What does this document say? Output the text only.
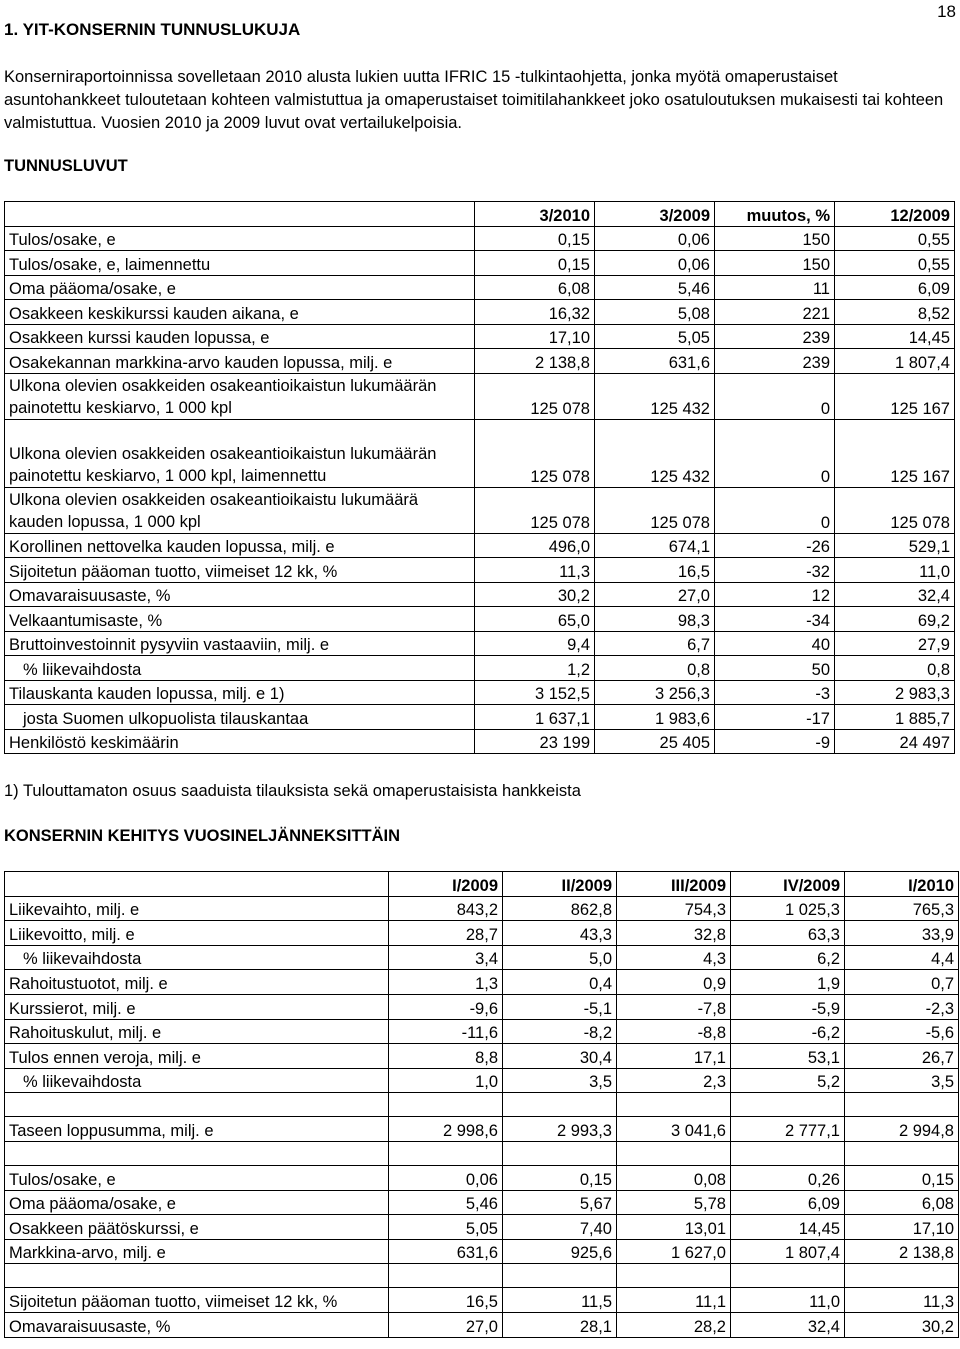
18
1. YIT-KONSERNIN TUNNUSLUKUJA

Konserniraportoinnissa sovelletaan 2010 alusta lukien uutta IFRIC 15 -tulkintaohjetta, jonka myötä omaperustaiset asuntohankkeet tuloutetaan kohteen valmistuttua ja omaperustaiset toimitilahankkeet joko osatuloutuksen mukaisesti tai kohteen valmistuttua. Vuosien 2010 ja 2009 luvut ovat vertailukelpoisia.

TUNNUSLUVUT
	3/2010	3/2009	muutos, %	12/2009
Tulos/osake, e	0,15	0,06	150	0,55
Tulos/osake, e, laimennettu	0,15	0,06	150	0,55
Oma pääoma/osake, e	6,08	5,46	11	6,09
Osakkeen keskikurssi kauden aikana, e	16,32	5,08	221	8,52
Osakkeen kurssi kauden lopussa, e	17,10	5,05	239	14,45
Osakekannan markkina-arvo kauden lopussa, milj. e	2 138,8	631,6	239	1 807,4
Ulkona olevien osakkeiden osakeantioikaistun lukumäärän painotettu keskiarvo, 1 000 kpl	125 078	125 432	0	125 167
Ulkona olevien osakkeiden osakeantioikaistun lukumäärän painotettu keskiarvo, 1 000 kpl, laimennettu	125 078	125 432	0	125 167
Ulkona olevien osakkeiden osakeantioikaistu lukumäärä kauden lopussa, 1 000 kpl	125 078	125 078	0	125 078
Korollinen nettovelka kauden lopussa, milj. e	496,0	674,1	-26	529,1
Sijoitetun pääoman tuotto, viimeiset 12 kk, %	11,3	16,5	-32	11,0
Omavaraisuusaste, %	30,2	27,0	12	32,4
Velkaantumisaste, %	65,0	98,3	-34	69,2
Bruttoinvestoinnit pysyviin vastaaviin, milj. e	9,4	6,7	40	27,9
% liikevaihdosta	1,2	0,8	50	0,8
Tilauskanta kauden lopussa, milj. e 1)	3 152,5	3 256,3	-3	2 983,3
josta Suomen ulkopuolista tilauskantaa	1 637,1	1 983,6	-17	1 885,7
Henkilöstö keskimäärin	23 199	25 405	-9	24 497

1) Tulouttamaton osuus saaduista tilauksista sekä omaperustaisista hankkeista

KONSERNIN KEHITYS VUOSINELJÄNNEKSITTÄIN
	I/2009	II/2009	III/2009	IV/2009	I/2010
Liikevaihto, milj. e	843,2	862,8	754,3	1 025,3	765,3
Liikevoitto, milj. e	28,7	43,3	32,8	63,3	33,9
% liikevaihdosta	3,4	5,0	4,3	6,2	4,4
Rahoitustuotot, milj. e	1,3	0,4	0,9	1,9	0,7
Kurssierot, milj. e	-9,6	-5,1	-7,8	-5,9	-2,3
Rahoituskulut, milj. e	-11,6	-8,2	-8,8	-6,2	-5,6
Tulos ennen veroja, milj. e	8,8	30,4	17,1	53,1	26,7
% liikevaihdosta	1,0	3,5	2,3	5,2	3,5

Taseen loppusumma, milj. e	2 998,6	2 993,3	3 041,6	2 777,1	2 994,8

Tulos/osake, e	0,06	0,15	0,08	0,26	0,15
Oma pääoma/osake, e	5,46	5,67	5,78	6,09	6,08
Osakkeen päätöskurssi, e	5,05	7,40	13,01	14,45	17,10
Markkina-arvo, milj. e	631,6	925,6	1 627,0	1 807,4	2 138,8

Sijoitetun pääoman tuotto, viimeiset 12 kk, %	16,5	11,5	11,1	11,0	11,3
Omavaraisuusaste, %	27,0	28,1	28,2	32,4	30,2
